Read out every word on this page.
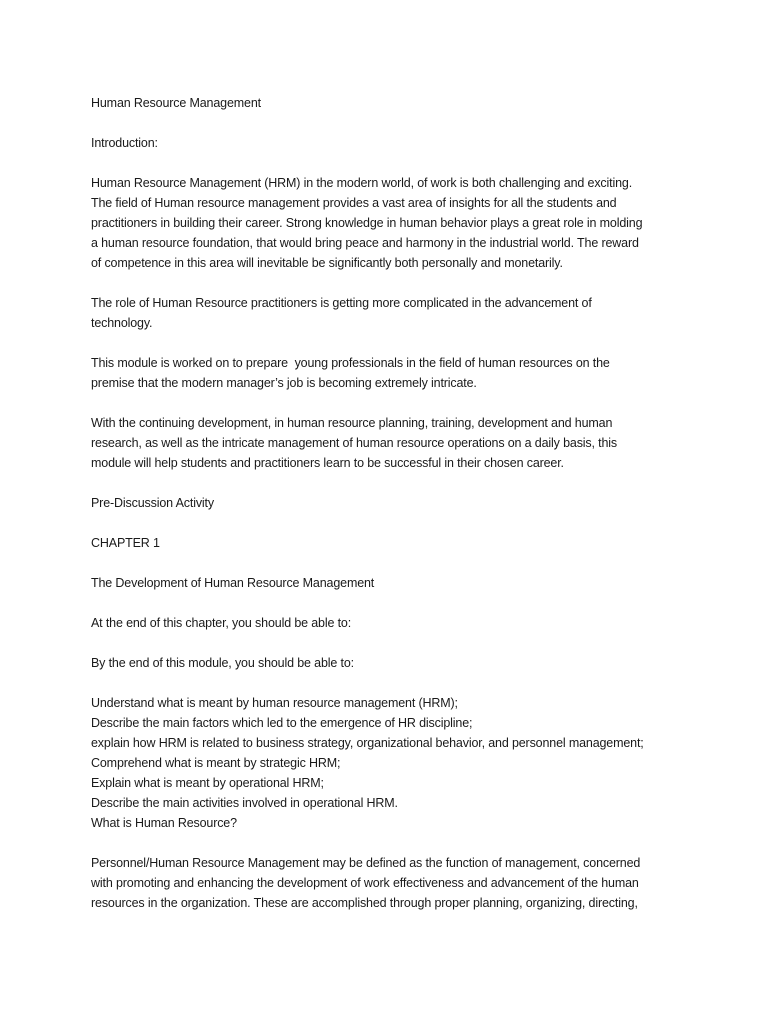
Human Resource Management

Introduction:

Human Resource Management (HRM) in the modern world, of work is both challenging and exciting.
The field of Human resource management provides a vast area of insights for all the students and
practitioners in building their career. Strong knowledge in human behavior plays a great role in molding
a human resource foundation, that would bring peace and harmony in the industrial world. The reward
of competence in this area will inevitable be significantly both personally and monetarily.

The role of Human Resource practitioners is getting more complicated in the advancement of
technology.

This module is worked on to prepare  young professionals in the field of human resources on the
premise that the modern manager’s job is becoming extremely intricate.

With the continuing development, in human resource planning, training, development and human
research, as well as the intricate management of human resource operations on a daily basis, this
module will help students and practitioners learn to be successful in their chosen career.

Pre-Discussion Activity

CHAPTER 1

The Development of Human Resource Management

At the end of this chapter, you should be able to:

By the end of this module, you should be able to:

Understand what is meant by human resource management (HRM);
Describe the main factors which led to the emergence of HR discipline;
explain how HRM is related to business strategy, organizational behavior, and personnel management;
Comprehend what is meant by strategic HRM;
Explain what is meant by operational HRM;
Describe the main activities involved in operational HRM.
What is Human Resource?

Personnel/Human Resource Management may be defined as the function of management, concerned
with promoting and enhancing the development of work effectiveness and advancement of the human
resources in the organization. These are accomplished through proper planning, organizing, directing,
